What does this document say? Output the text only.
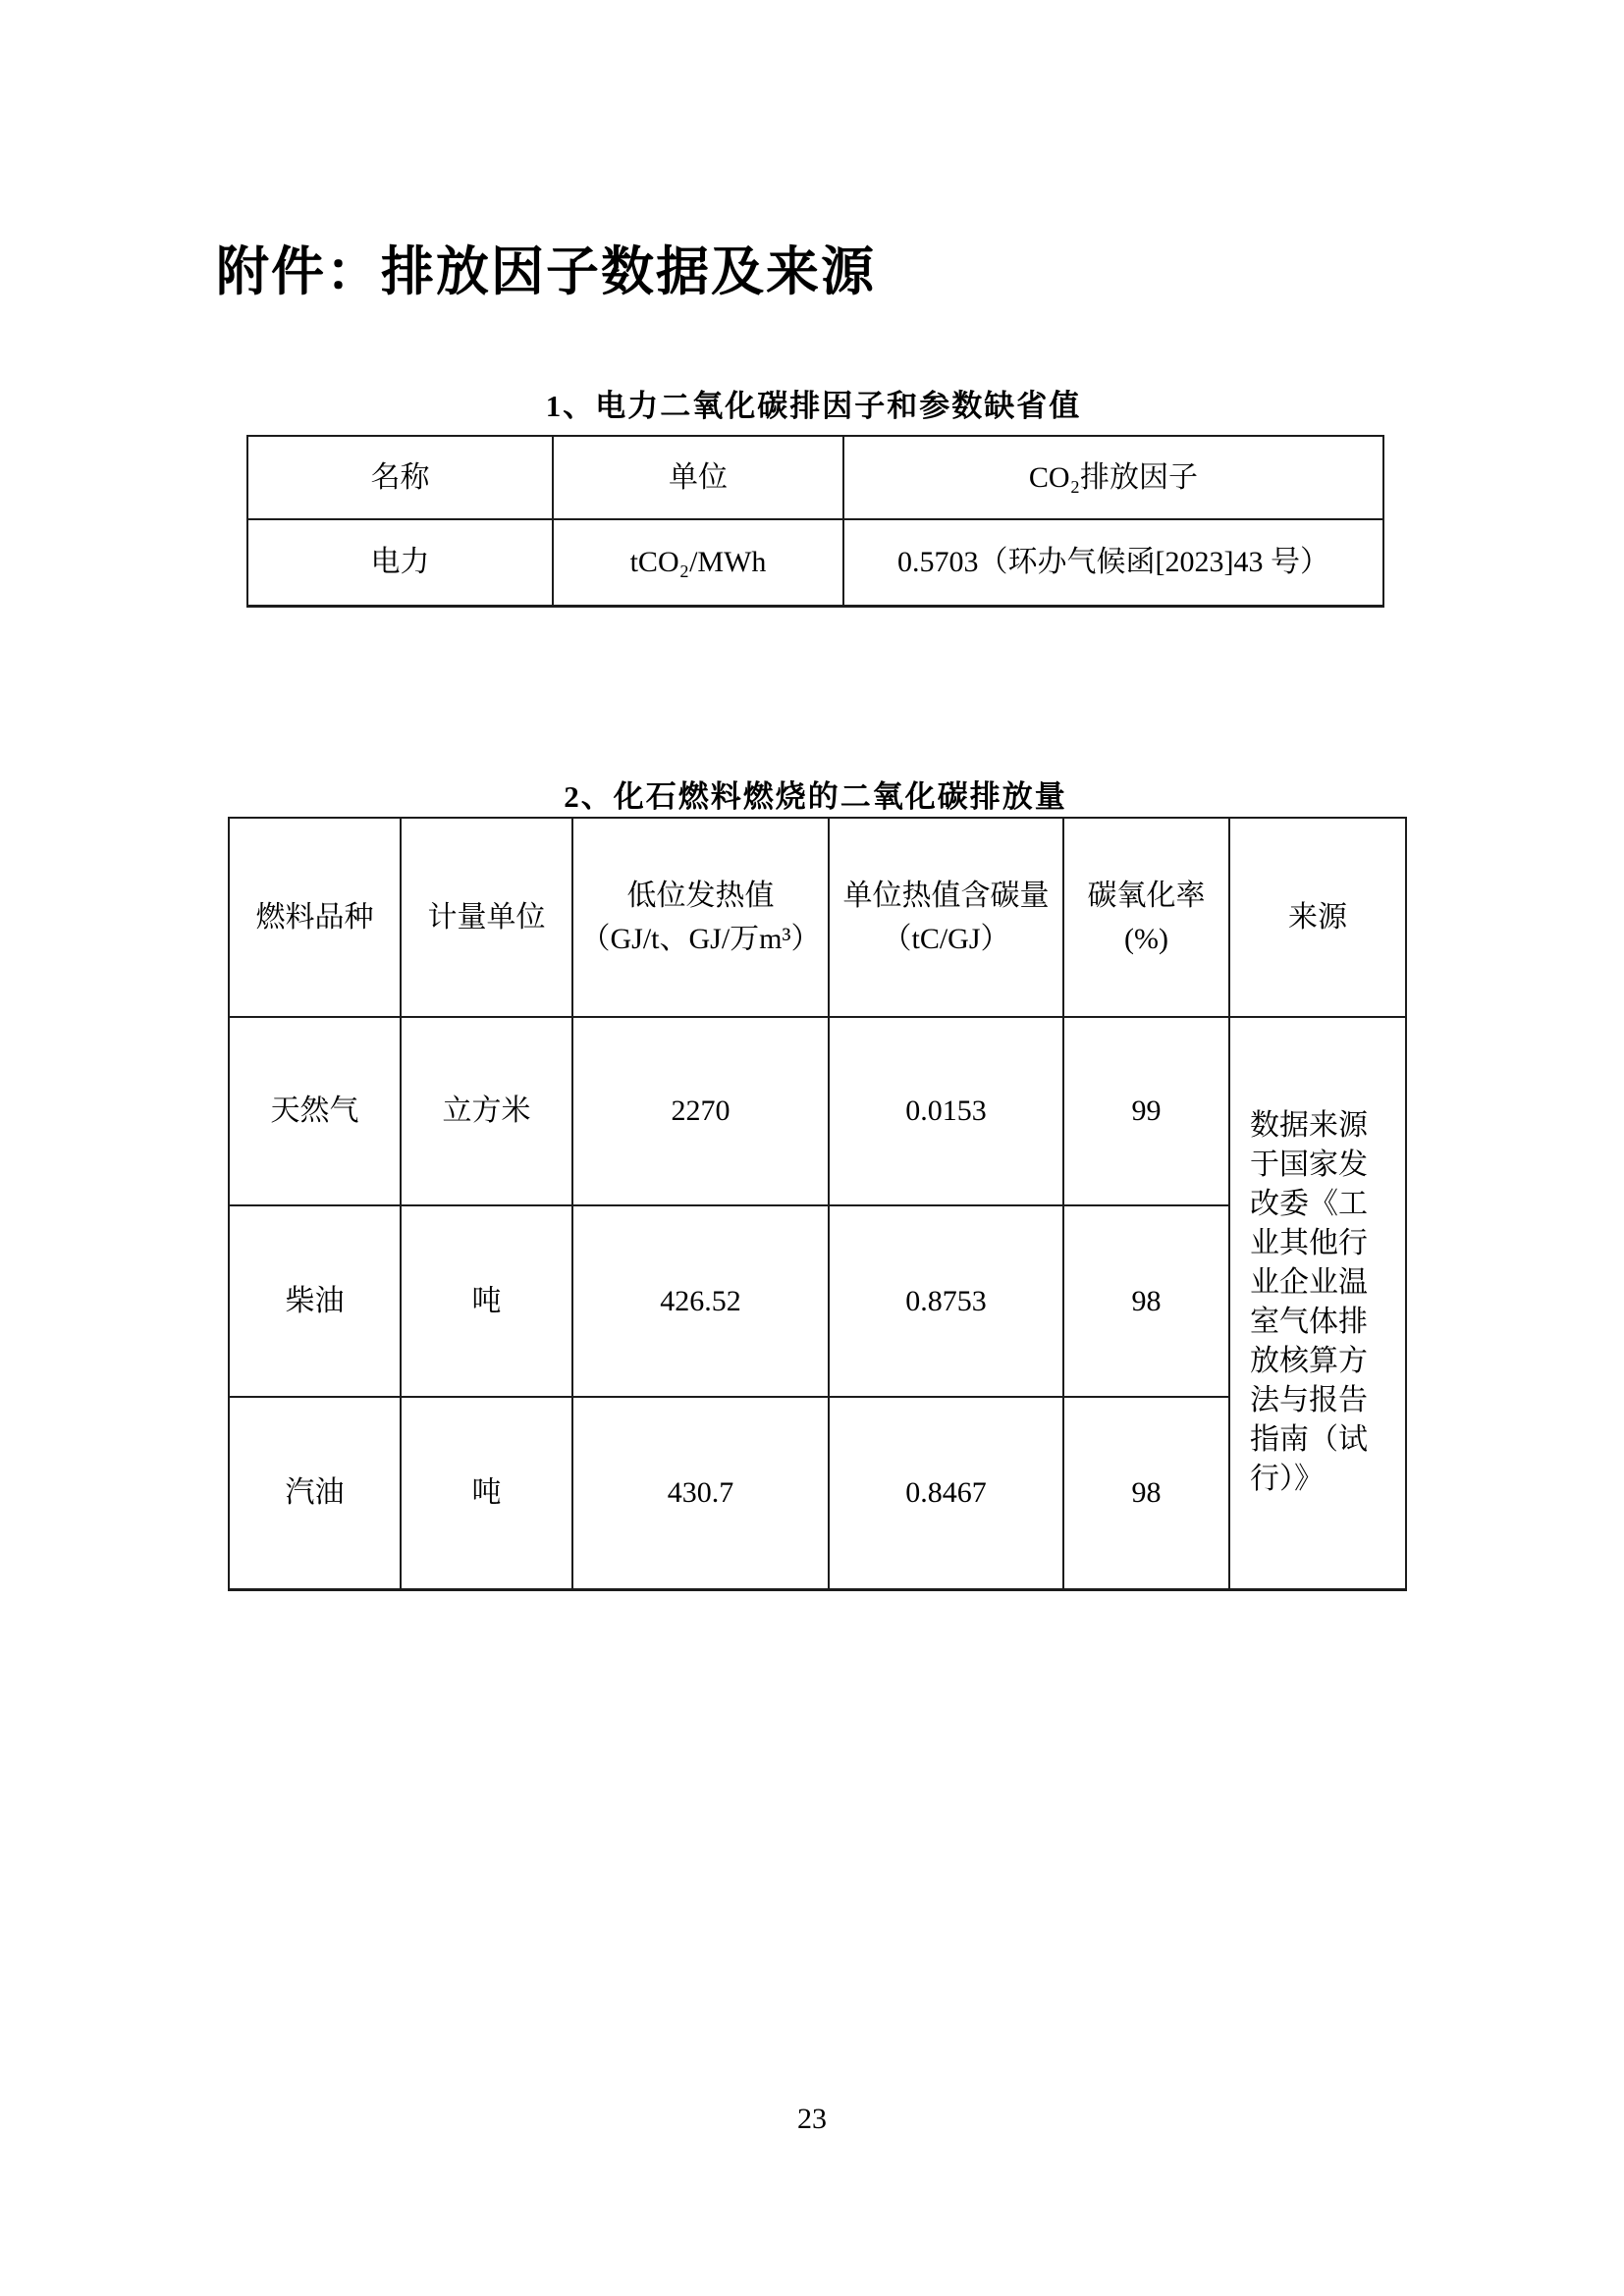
附件：排放因子数据及来源
1、电力二氧化碳排因子和参数缺省值
名称	单位	CO₂排放因子
电力	tCO₂/MWh	0.5703（环办气候函[2023]43 号）
2、化石燃料燃烧的二氧化碳排放量
燃料品种	计量单位	低位发热值（GJ/t、GJ/万m³）	单位热值含碳量（tC/GJ）	碳氧化率(%)	来源
天然气	立方米	2270	0.0153	99	数据来源于国家发改委《工业其他行业企业温室气体排放核算方法与报告指南（试行）》
柴油	吨	426.52	0.8753	98	
汽油	吨	430.7	0.8467	98	
23
